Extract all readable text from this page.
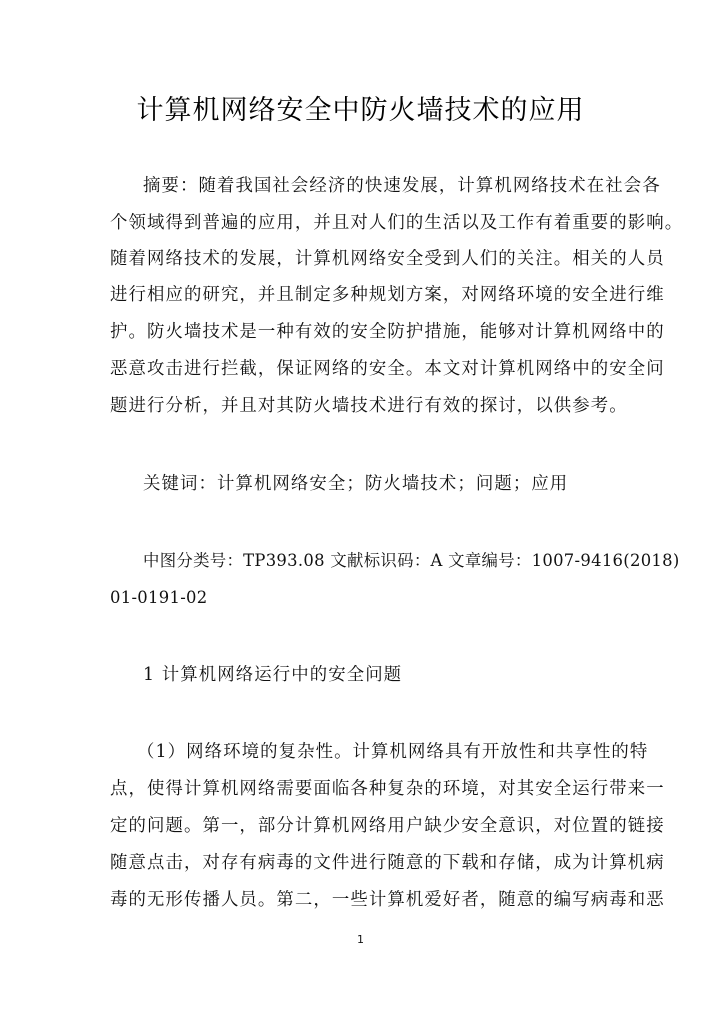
计算机网络安全中防火墙技术的应用
摘要：随着我国社会经济的快速发展，计算机网络技术在社会各
个领域得到普遍的应用，并且对人们的生活以及工作有着重要的影响。
随着网络技术的发展，计算机网络安全受到人们的关注。相关的人员
进行相应的研究，并且制定多种规划方案，对网络环境的安全进行维
护。防火墙技术是一种有效的安全防护措施，能够对计算机网络中的
恶意攻击进行拦截，保证网络的安全。本文对计算机网络中的安全问
题进行分析，并且对其防火墙技术进行有效的探讨，以供参考。
关键词：计算机网络安全；防火墙技术；问题；应用
中图分类号：TP393.08 文献标识码：A 文章编号：1007-9416(2018)
01-0191-02
1 计算机网络运行中的安全问题
（1）网络环境的复杂性。计算机网络具有开放性和共享性的特
点，使得计算机网络需要面临各种复杂的环境，对其安全运行带来一
定的问题。第一，部分计算机网络用户缺少安全意识，对位置的链接
随意点击，对存有病毒的文件进行随意的下载和存储，成为计算机病
毒的无形传播人员。第二，一些计算机爱好者，随意的编写病毒和恶
1
